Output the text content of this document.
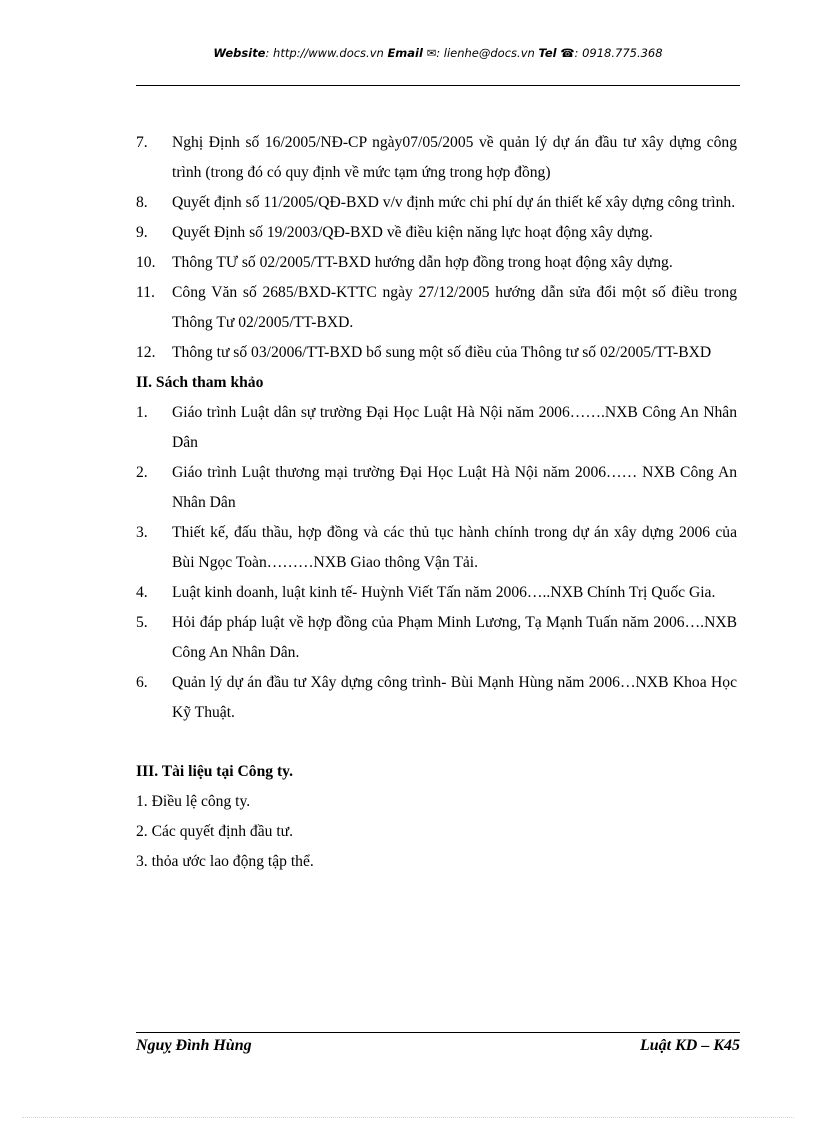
Website: http://www.docs.vn Email ✉: lienhe@docs.vn Tel ☎: 0918.775.368
7. Nghị Định số 16/2005/NĐ-CP ngày07/05/2005 về quản lý dự án đầu tư xây dựng công trình (trong đó có quy định về mức tạm ứng trong hợp đồng)
8. Quyết định số 11/2005/QĐ-BXD v/v định mức chi phí dự án thiết kế xây dựng công trình.
9. Quyết Định số 19/2003/QĐ-BXD về điều kiện năng lực hoạt động xây dựng.
10. Thông TƯ số 02/2005/TT-BXD hướng dẫn hợp đồng trong hoạt động xây dựng.
11. Công Văn số 2685/BXD-KTTC ngày 27/12/2005 hướng dẫn sửa đổi một số điều trong Thông Tư 02/2005/TT-BXD.
12. Thông tư số 03/2006/TT-BXD bổ sung một số điều của Thông tư số 02/2005/TT-BXD
II. Sách tham khảo
1. Giáo trình Luật dân sự trường Đại Học Luật Hà Nội năm 2006…….NXB Công An Nhân Dân
2. Giáo trình Luật thương mại trường Đại Học Luật Hà Nội năm 2006…… NXB Công An Nhân Dân
3. Thiết kế, đấu thầu, hợp đồng và các thủ tục hành chính trong dự án xây dựng 2006 của Bùi Ngọc Toàn………NXB Giao thông Vận Tải.
4. Luật kinh doanh, luật kinh tế- Huỳnh Viết Tấn năm 2006…..NXB Chính Trị Quốc Gia.
5. Hỏi đáp pháp luật về hợp đồng của Phạm Minh Lương, Tạ Mạnh Tuấn năm 2006….NXB Công An Nhân Dân.
6. Quản lý dự án đầu tư Xây dựng công trình- Bùi Mạnh Hùng năm 2006…NXB Khoa Học Kỹ Thuật.
III. Tài liệu tại Công ty.
1. Điều lệ công ty.
2. Các quyết định đầu tư.
3. thỏa ước lao động tập thể.
Nguỵ Đình Hùng	Luật KD – K45
